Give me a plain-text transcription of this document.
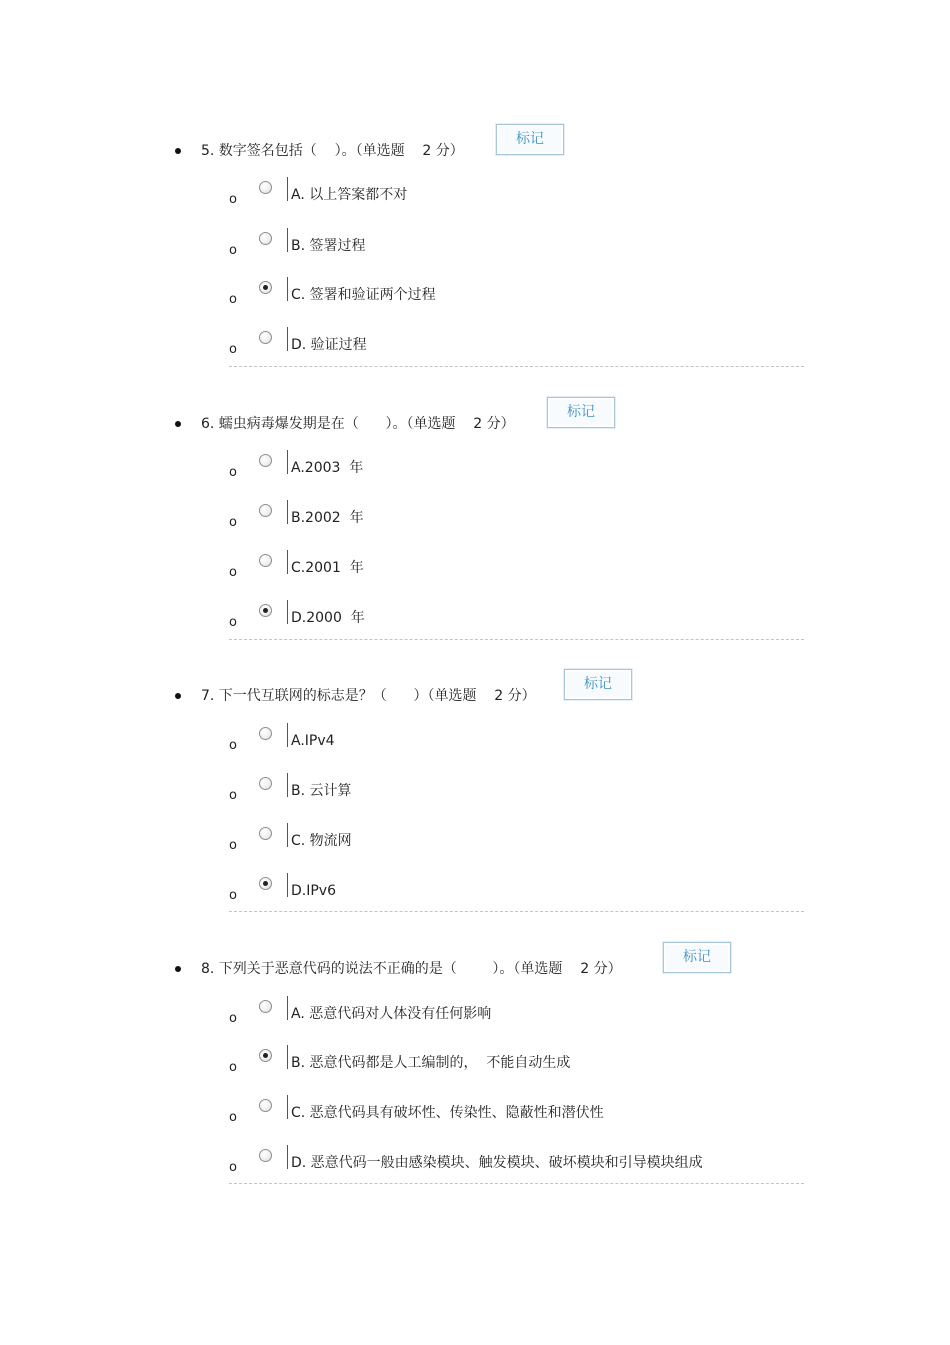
5. 数字签名包括（    ）。（单选题    2 分）
标记
o	A. 以上答案都不对
o	B. 签署过程
o	C. 签署和验证两个过程
o	D. 验证过程
6. 蠕虫病毒爆发期是在（      ）。（单选题    2 分）
标记
o	A.2003  年
o	B.2002  年
o	C.2001  年
o	D.2000  年
7. 下一代互联网的标志是？（      ）（单选题    2 分）
标记
o	A.IPv4
o	B. 云计算
o	C. 物流网
o	D.IPv6
8. 下列关于恶意代码的说法不正确的是（        ）。（单选题    2 分）
标记
o	A. 恶意代码对人体没有任何影响
o	B. 恶意代码都是人工编制的，  不能自动生成
o	C. 恶意代码具有破坏性、传染性、隐蔽性和潜伏性
o	D. 恶意代码一般由感染模块、触发模块、破坏模块和引导模块组成
